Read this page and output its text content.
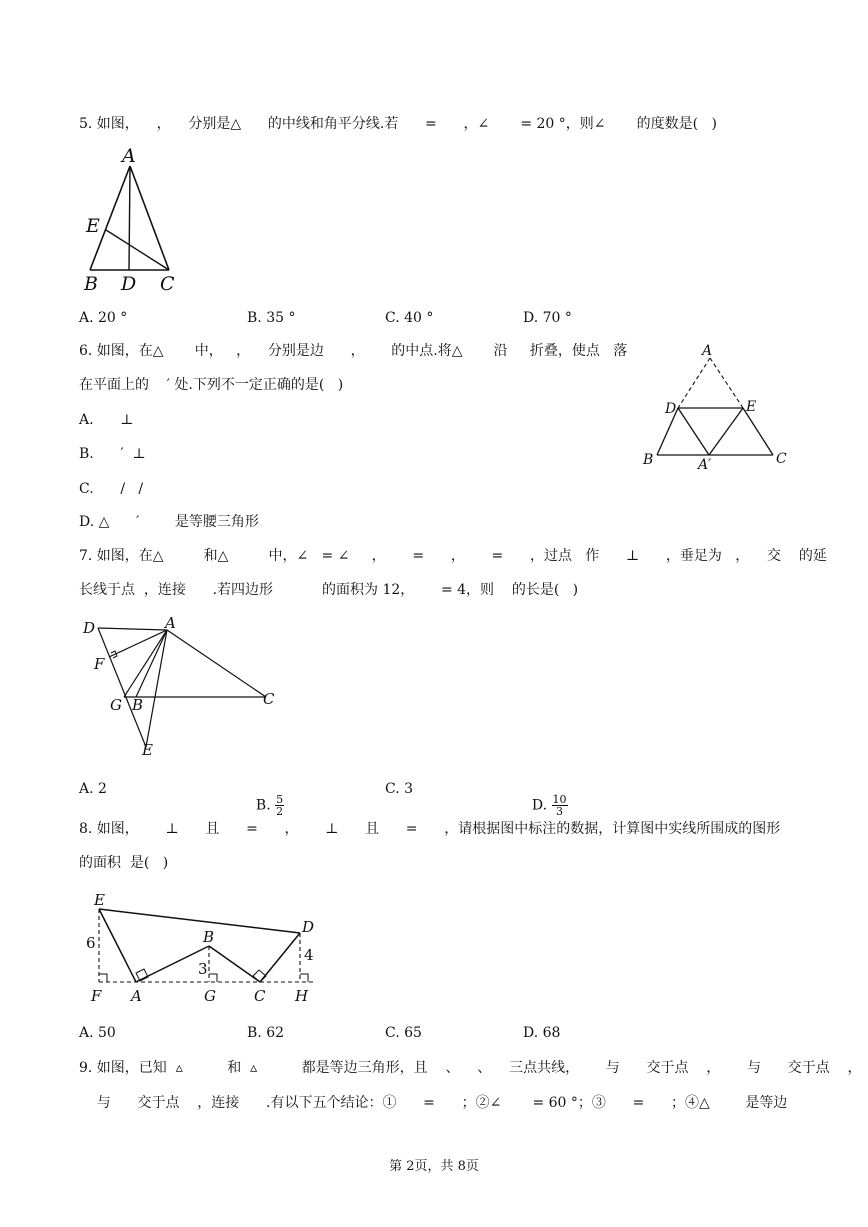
5. 如图，    ，    分别是△      的中线和角平分线.若      =      ，∠       = 20 °，则∠       的度数是(   )
A
E
B D C
A. 20 °	B. 35 °	C. 40 °	D. 70 °
6. 如图，在△       中，   ，    分别是边      ，      的中点.将△       沿     折叠，使点   落
在平面上的    ′ 处.下列不一定正确的是(   )
A
D	E
B	A′	C
A.      ⊥
B.      ′  ⊥
C.      /   /
D. △      ′        是等腰三角形
7. 如图，在△         和△         中，∠   = ∠     ，      =      ，      =      ，过点   作      ⊥      ，垂足为   ，    交    的延
长线于点  ，连接      .若四边形           的面积为 12，      = 4，则    的长是(   )
D	A
F
G B	C
E
A. 2

B. $\frac{5}{2}$

C. 3

D. $\frac{10}{3}$

8. 如图，      ⊥      且      =      ，      ⊥      且      =      ，请根据图中标注的数据，计算图中实线所围成的图形
的面积  是(   )
E
D
B
6
3
4
F A	G	C H
A. 50	B. 62	C. 65	D. 68
9. 如图，已知  ▵          和  ▵          都是等边三角形，且    、    、    三点共线，      与      交于点    ，      与      交于点    ，
与      交于点    ，连接      .有以下五个结论：①      =      ；②∠       = 60 °；③      =      ；④△        是等边
第 2页，共 8页
